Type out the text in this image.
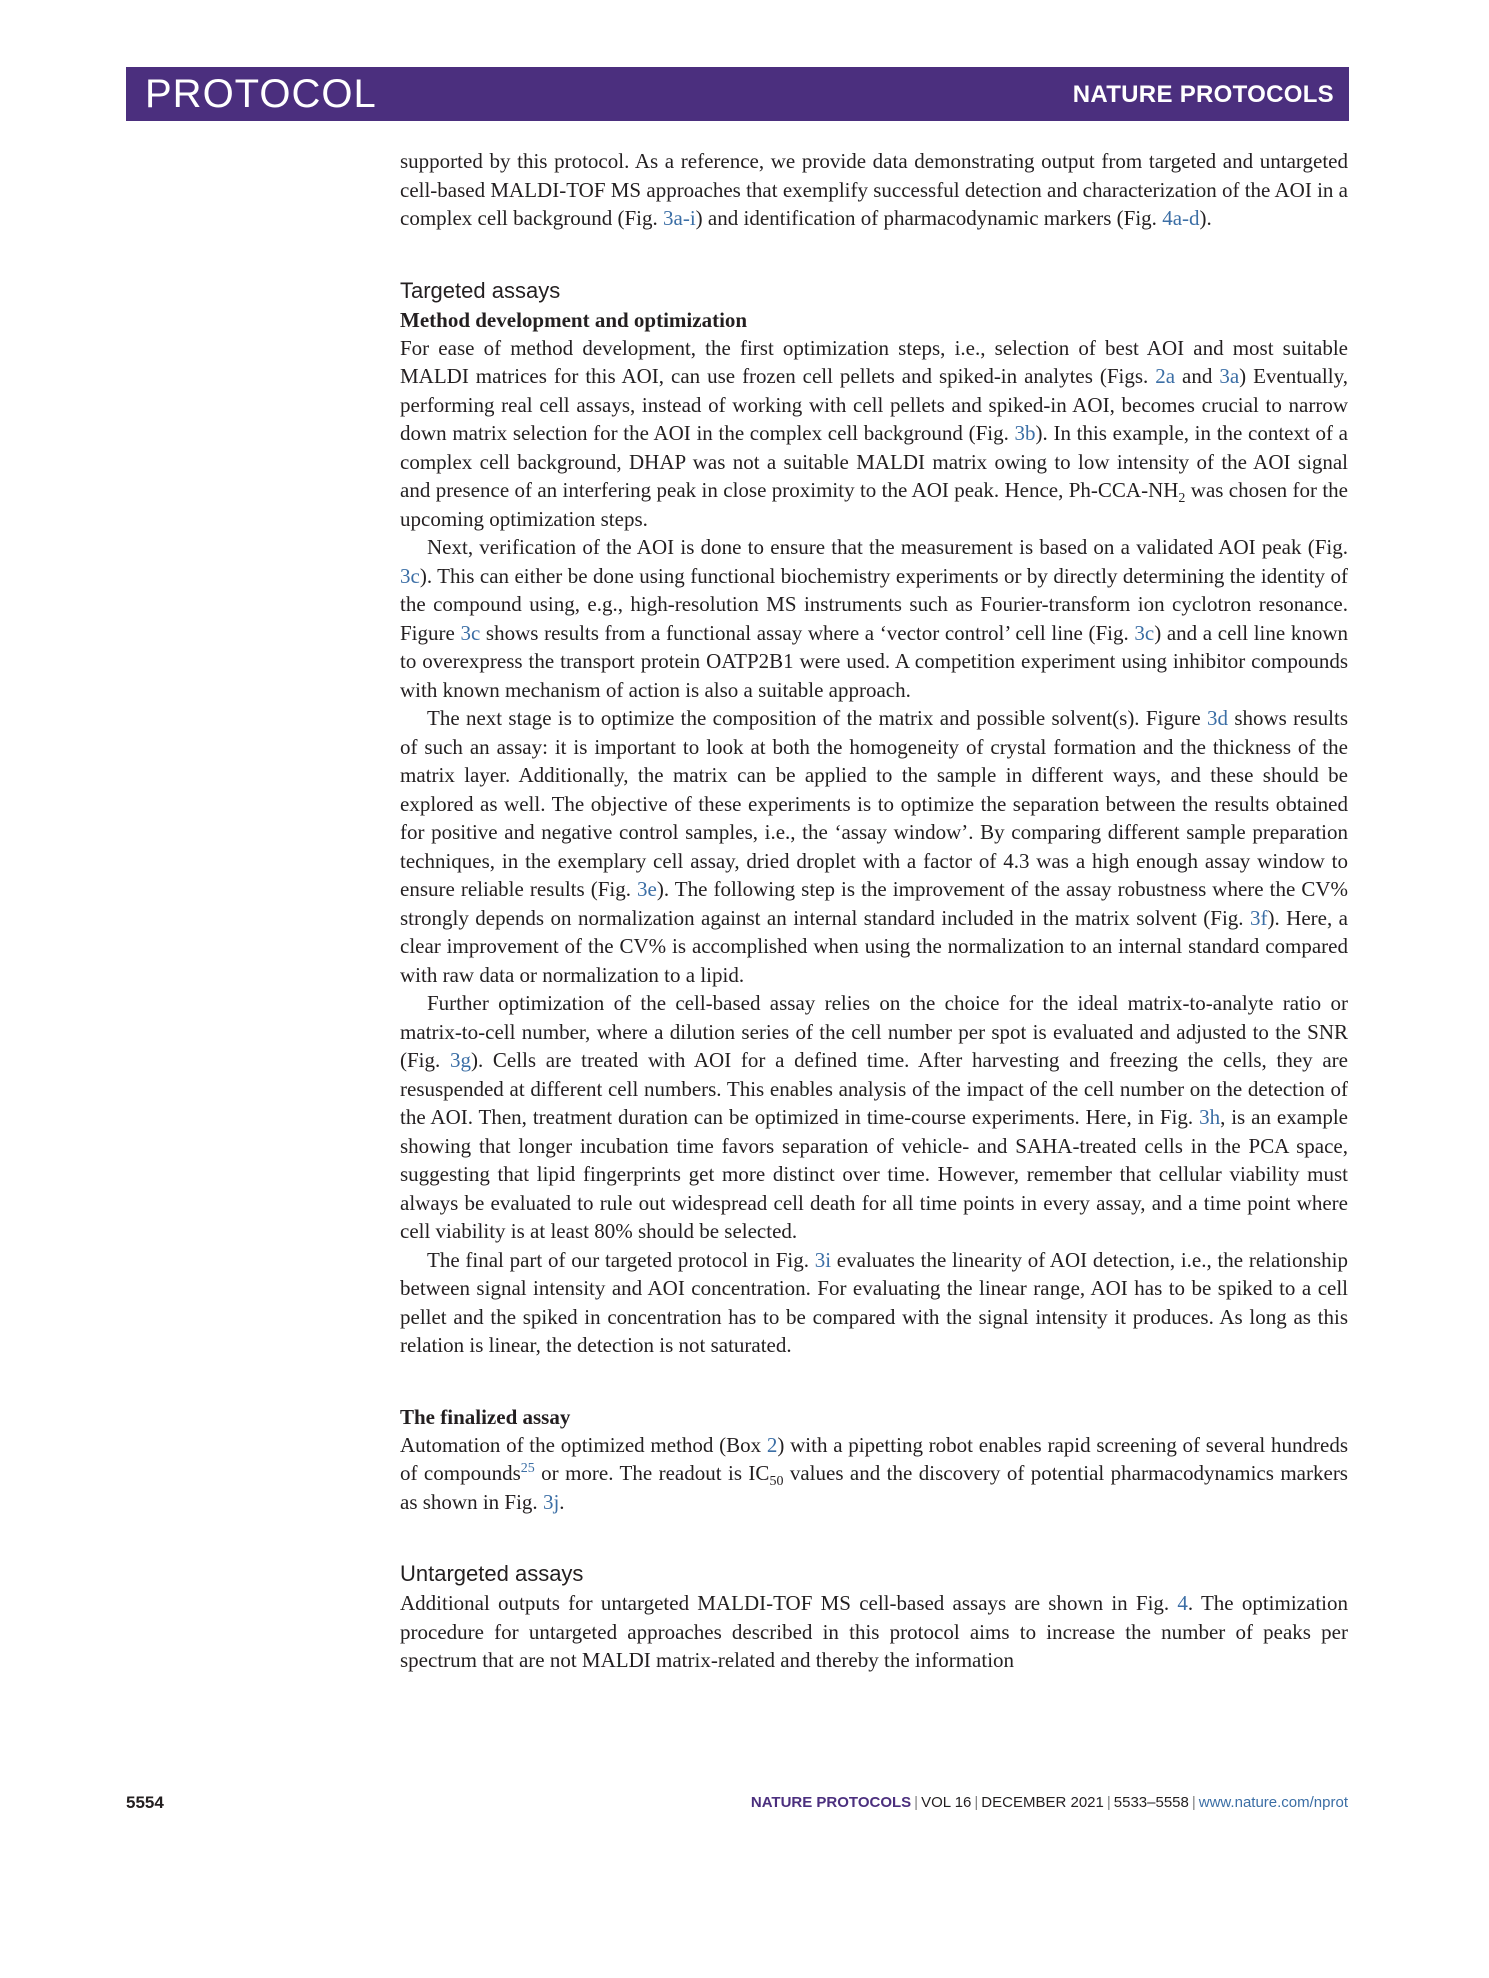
PROTOCOL	NATURE PROTOCOLS

supported by this protocol. As a reference, we provide data demonstrating output from targeted and untargeted cell-based MALDI-TOF MS approaches that exemplify successful detection and characterization of the AOI in a complex cell background (Fig. 3a-i) and identification of pharmacodynamic markers (Fig. 4a-d).

Targeted assays
Method development and optimization

For ease of method development, the first optimization steps, i.e., selection of best AOI and most suitable MALDI matrices for this AOI, can use frozen cell pellets and spiked-in analytes (Figs. 2a and 3a) Eventually, performing real cell assays, instead of working with cell pellets and spiked-in AOI, becomes crucial to narrow down matrix selection for the AOI in the complex cell background (Fig. 3b). In this example, in the context of a complex cell background, DHAP was not a suitable MALDI matrix owing to low intensity of the AOI signal and presence of an interfering peak in close proximity to the AOI peak. Hence, $Ph-CCA-NH_2$ was chosen for the upcoming optimization steps.

Next, verification of the AOI is done to ensure that the measurement is based on a validated AOI peak (Fig. 3c). This can either be done using functional biochemistry experiments or by directly determining the identity of the compound using, e.g., high-resolution MS instruments such as Fourier-transform ion cyclotron resonance. Figure 3c shows results from a functional assay where a ‘vector control’ cell line (Fig. 3c) and a cell line known to overexpress the transport protein OATP2B1 were used. A competition experiment using inhibitor compounds with known mechanism of action is also a suitable approach.

The next stage is to optimize the composition of the matrix and possible solvent(s). Figure 3d shows results of such an assay: it is important to look at both the homogeneity of crystal formation and the thickness of the matrix layer. Additionally, the matrix can be applied to the sample in different ways, and these should be explored as well. The objective of these experiments is to optimize the separation between the results obtained for positive and negative control samples, i.e., the ‘assay window’. By comparing different sample preparation techniques, in the exemplary cell assay, dried droplet with a factor of 4.3 was a high enough assay window to ensure reliable results (Fig. 3e). The following step is the improvement of the assay robustness where the CV% strongly depends on normalization against an internal standard included in the matrix solvent (Fig. 3f). Here, a clear improvement of the CV% is accomplished when using the normalization to an internal standard compared with raw data or normalization to a lipid.

Further optimization of the cell-based assay relies on the choice for the ideal matrix-to-analyte ratio or matrix-to-cell number, where a dilution series of the cell number per spot is evaluated and adjusted to the SNR (Fig. 3g). Cells are treated with AOI for a defined time. After harvesting and freezing the cells, they are resuspended at different cell numbers. This enables analysis of the impact of the cell number on the detection of the AOI. Then, treatment duration can be optimized in time-course experiments. Here, in Fig. 3h, is an example showing that longer incubation time favors separation of vehicle- and SAHA-treated cells in the PCA space, suggesting that lipid fingerprints get more distinct over time. However, remember that cellular viability must always be evaluated to rule out widespread cell death for all time points in every assay, and a time point where cell viability is at least 80% should be selected.

The final part of our targeted protocol in Fig. 3i evaluates the linearity of AOI detection, i.e., the relationship between signal intensity and AOI concentration. For evaluating the linear range, AOI has to be spiked to a cell pellet and the spiked in concentration has to be compared with the signal intensity it produces. As long as this relation is linear, the detection is not saturated.

The finalized assay

Automation of the optimized method (Box 2) with a pipetting robot enables rapid screening of several hundreds of compounds$^{25}$ or more. The readout is $IC_{50}$ values and the discovery of potential pharmacodynamics markers as shown in Fig. 3j.

Untargeted assays

Additional outputs for untargeted MALDI-TOF MS cell-based assays are shown in Fig. 4. The optimization procedure for untargeted approaches described in this protocol aims to increase the number of peaks per spectrum that are not MALDI matrix-related and thereby the information

5554	NATURE PROTOCOLS | VOL 16 | DECEMBER 2021 | 5533–5558 | www.nature.com/nprot
